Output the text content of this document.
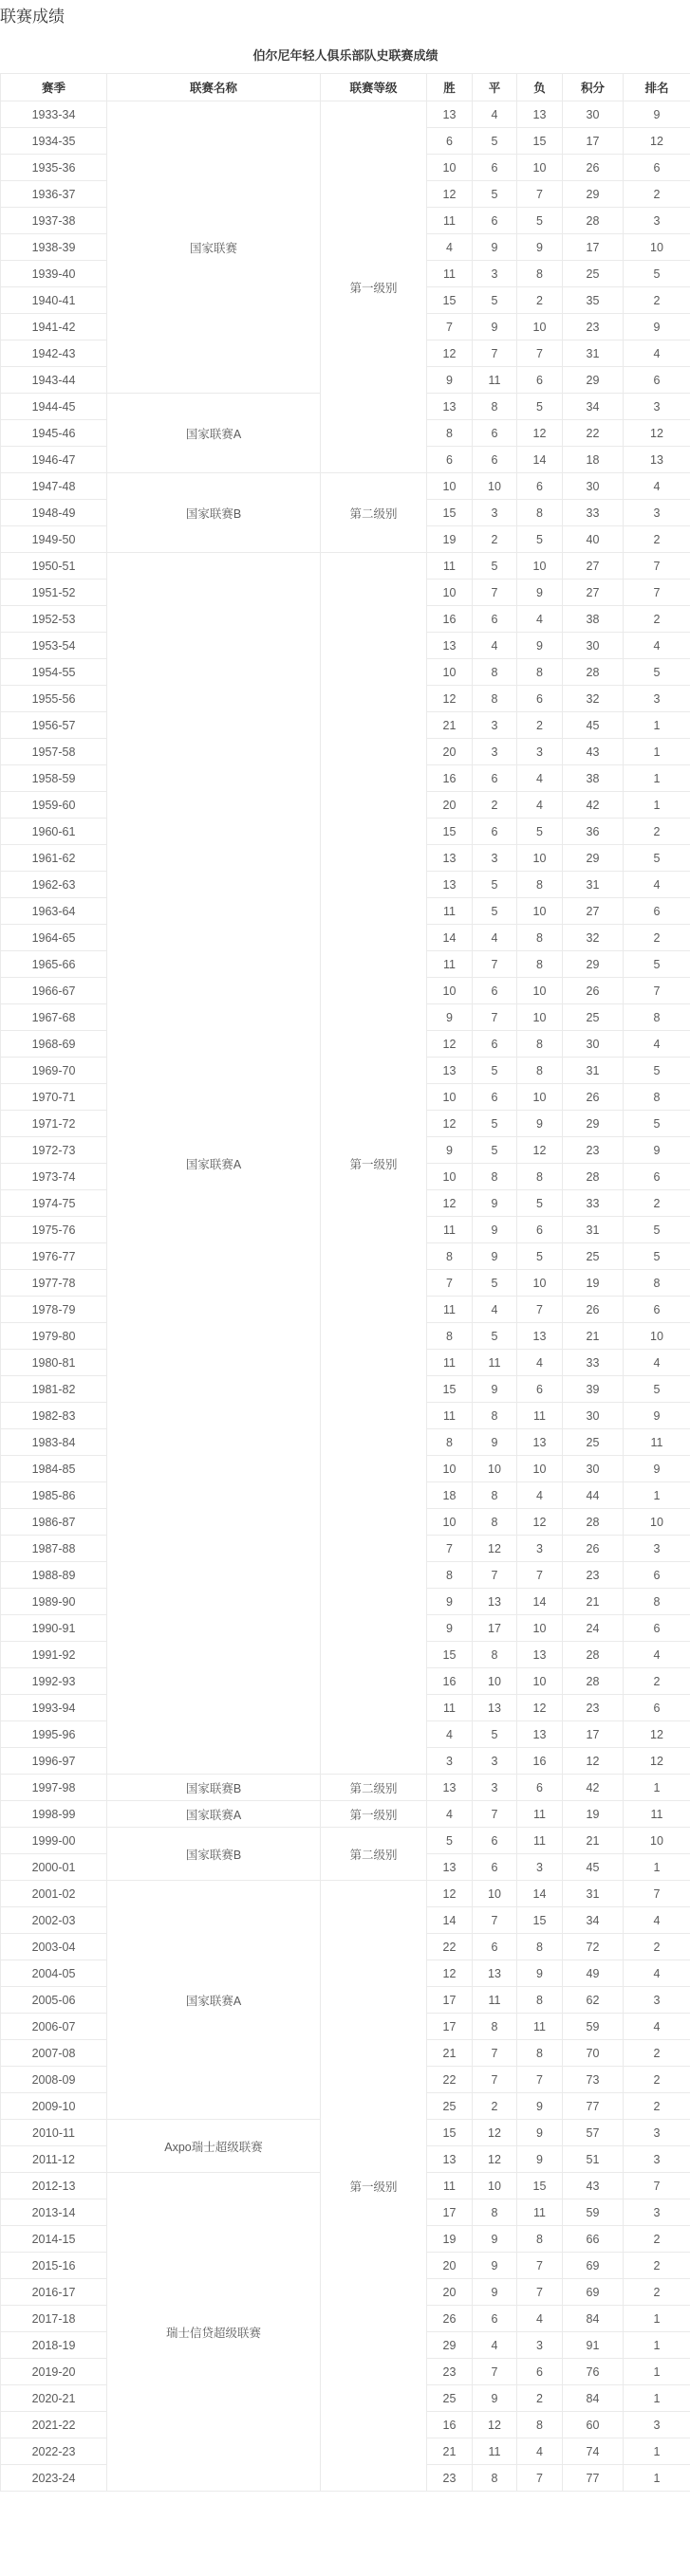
联赛成绩
伯尔尼年轻人俱乐部队史联赛成绩
赛季	联赛名称	联赛等级	胜	平	负	积分	排名
1933-34	国家联赛	第一级别	13	4	13	30	9
1934-35			6	5	15	17	12
1935-36			10	6	10	26	6
1936-37			12	5	7	29	2
1937-38			11	6	5	28	3
1938-39			4	9	9	17	10
1939-40			11	3	8	25	5
1940-41			15	5	2	35	2
1941-42			7	9	10	23	9
1942-43			12	7	7	31	4
1943-44			9	11	6	29	6
1944-45	国家联赛A		13	8	5	34	3
1945-46			8	6	12	22	12
1946-47			6	6	14	18	13
1947-48	国家联赛B	第二级别	10	10	6	30	4
1948-49			15	3	8	33	3
1949-50			19	2	5	40	2
1950-51	国家联赛A	第一级别	11	5	10	27	7
1951-52			10	7	9	27	7
1952-53			16	6	4	38	2
1953-54			13	4	9	30	4
1954-55			10	8	8	28	5
1955-56			12	8	6	32	3
1956-57			21	3	2	45	1
1957-58			20	3	3	43	1
1958-59			16	6	4	38	1
1959-60			20	2	4	42	1
1960-61			15	6	5	36	2
1961-62			13	3	10	29	5
1962-63			13	5	8	31	4
1963-64			11	5	10	27	6
1964-65			14	4	8	32	2
1965-66			11	7	8	29	5
1966-67			10	6	10	26	7
1967-68			9	7	10	25	8
1968-69			12	6	8	30	4
1969-70			13	5	8	31	5
1970-71			10	6	10	26	8
1971-72			12	5	9	29	5
1972-73			9	5	12	23	9
1973-74			10	8	8	28	6
1974-75			12	9	5	33	2
1975-76			11	9	6	31	5
1976-77			8	9	5	25	5
1977-78			7	5	10	19	8
1978-79			11	4	7	26	6
1979-80			8	5	13	21	10
1980-81			11	11	4	33	4
1981-82			15	9	6	39	5
1982-83			11	8	11	30	9
1983-84			8	9	13	25	11
1984-85			10	10	10	30	9
1985-86			18	8	4	44	1
1986-87			10	8	12	28	10
1987-88			7	12	3	26	3
1988-89			8	7	7	23	6
1989-90			9	13	14	21	8
1990-91			9	17	10	24	6
1991-92			15	8	13	28	4
1992-93			16	10	10	28	2
1993-94			11	13	12	23	6
1995-96			4	5	13	17	12
1996-97			3	3	16	12	12
1997-98	国家联赛B	第二级别	13	3	6	42	1
1998-99	国家联赛A	第一级别	4	7	11	19	11
1999-00	国家联赛B	第二级别	5	6	11	21	10
2000-01			13	6	3	45	1
2001-02	国家联赛A	第一级别	12	10	14	31	7
2002-03			14	7	15	34	4
2003-04			22	6	8	72	2
2004-05			12	13	9	49	4
2005-06			17	11	8	62	3
2006-07			17	8	11	59	4
2007-08			21	7	8	70	2
2008-09			22	7	7	73	2
2009-10			25	2	9	77	2
2010-11	Axpo瑞士超级联赛		15	12	9	57	3
2011-12			13	12	9	51	3
2012-13	瑞士信贷超级联赛		11	10	15	43	7
2013-14			17	8	11	59	3
2014-15			19	9	8	66	2
2015-16			20	9	7	69	2
2016-17			20	9	7	69	2
2017-18			26	6	4	84	1
2018-19			29	4	3	91	1
2019-20			23	7	6	76	1
2020-21			25	9	2	84	1
2021-22			16	12	8	60	3
2022-23			21	11	4	74	1
2023-24			23	8	7	77	1
